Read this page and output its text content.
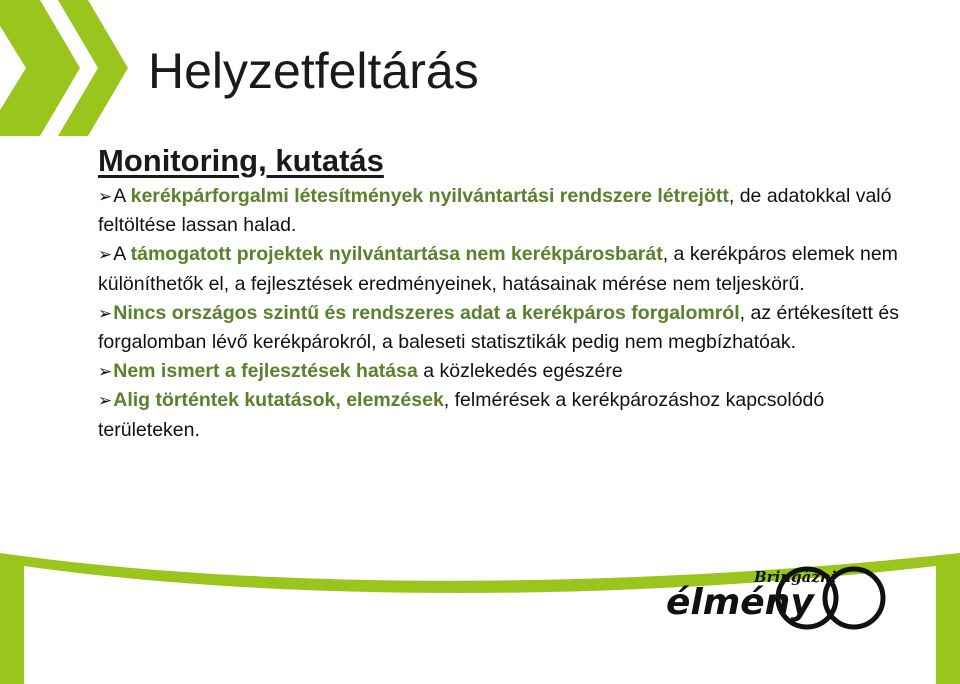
Helyzetfeltárás
Monitoring, kutatás

➢A kerékpárforgalmi létesítmények nyilvántartási rendszere létrejött, de adatokkal való feltöltése lassan halad.

➢A támogatott projektek nyilvántartása nem kerékpárosbarát, a kerékpáros elemek nem különíthetők el, a fejlesztések eredményeinek, hatásainak mérése nem teljeskörű.

➢Nincs országos szintű és rendszeres adat a kerékpáros forgalomról, az értékesített és forgalomban lévő kerékpárokról, a baleseti statisztikák pedig nem megbízhatóak.

➢Nem ismert a fejlesztések hatása a közlekedés egészére

➢Alig történtek kutatások, elemzések, felmérések a kerékpározáshoz kapcsolódó területeken.

Bringázni
élmény
